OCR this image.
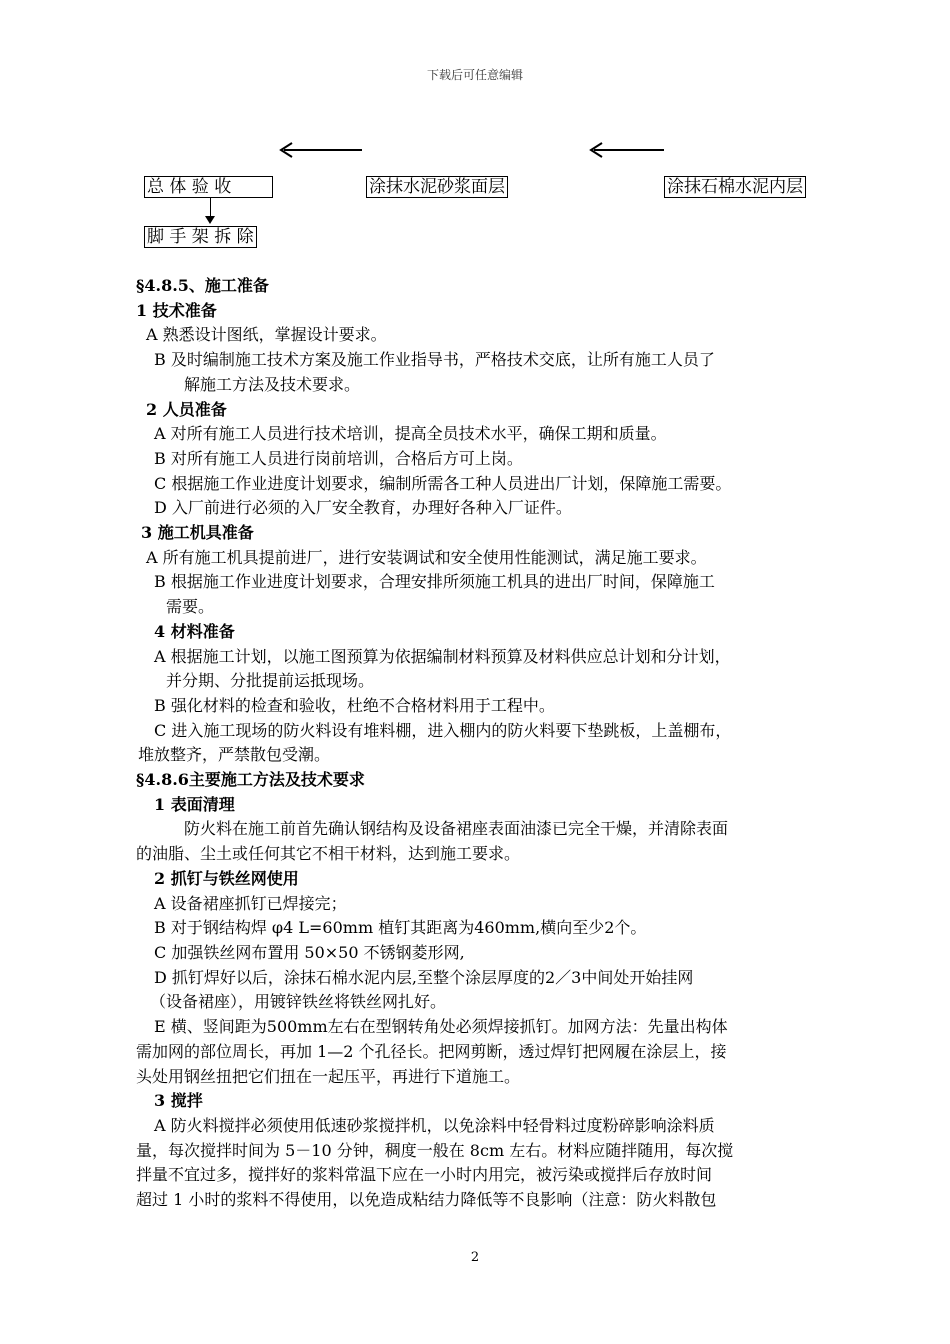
下载后可任意编辑
总 体 验 收	涂抹水泥砂浆面层	涂抹石棉水泥内层
脚 手 架 拆 除
§4.8.5、施工准备
1 技术准备
A 熟悉设计图纸，掌握设计要求。
B 及时编制施工技术方案及施工作业指导书，严格技术交底，让所有施工人员了
解施工方法及技术要求。
2 人员准备
A 对所有施工人员进行技术培训，提高全员技术水平，确保工期和质量。
B 对所有施工人员进行岗前培训，合格后方可上岗。
C 根据施工作业进度计划要求，编制所需各工种人员进出厂计划，保障施工需要。
D 入厂前进行必须的入厂安全教育，办理好各种入厂证件。
3 施工机具准备
A 所有施工机具提前进厂，进行安装调试和安全使用性能测试，满足施工要求。
B 根据施工作业进度计划要求，合理安排所须施工机具的进出厂时间，保障施工
需要。
4 材料准备
A 根据施工计划，以施工图预算为依据编制材料预算及材料供应总计划和分计划，
并分期、分批提前运抵现场。
B 强化材料的检查和验收，杜绝不合格材料用于工程中。
C 进入施工现场的防火料设有堆料棚，进入棚内的防火料要下垫跳板，上盖棚布，
堆放整齐，严禁散包受潮。
§4.8.6主要施工方法及技术要求
1 表面清理
防火料在施工前首先确认钢结构及设备裙座表面油漆已完全干燥，并清除表面
的油脂、尘土或任何其它不相干材料，达到施工要求。
2 抓钉与铁丝网使用
A 设备裙座抓钉已焊接完；
B 对于钢结构焊 φ4 L=60mm 植钉其距离为460mm,横向至少2个。
C 加强铁丝网布置用 50×50 不锈钢菱形网,
D 抓钉焊好以后，涂抹石棉水泥内层,至整个涂层厚度的2／3中间处开始挂网
（设备裙座），用镀锌铁丝将铁丝网扎好。
E 横、竖间距为500mm左右在型钢转角处必须焊接抓钉。加网方法：先量出构体
需加网的部位周长，再加 1—2 个孔径长。把网剪断，透过焊钉把网履在涂层上，接
头处用钢丝扭把它们扭在一起压平，再进行下道施工。
3 搅拌
A 防火料搅拌必须使用低速砂浆搅拌机，以免涂料中轻骨料过度粉碎影响涂料质
量，每次搅拌时间为 5－10 分钟，稠度一般在 8cm 左右。材料应随拌随用，每次搅
拌量不宜过多，搅拌好的浆料常温下应在一小时内用完，被污染或搅拌后存放时间
超过 1 小时的浆料不得使用，以免造成粘结力降低等不良影响（注意：防火料散包
2
